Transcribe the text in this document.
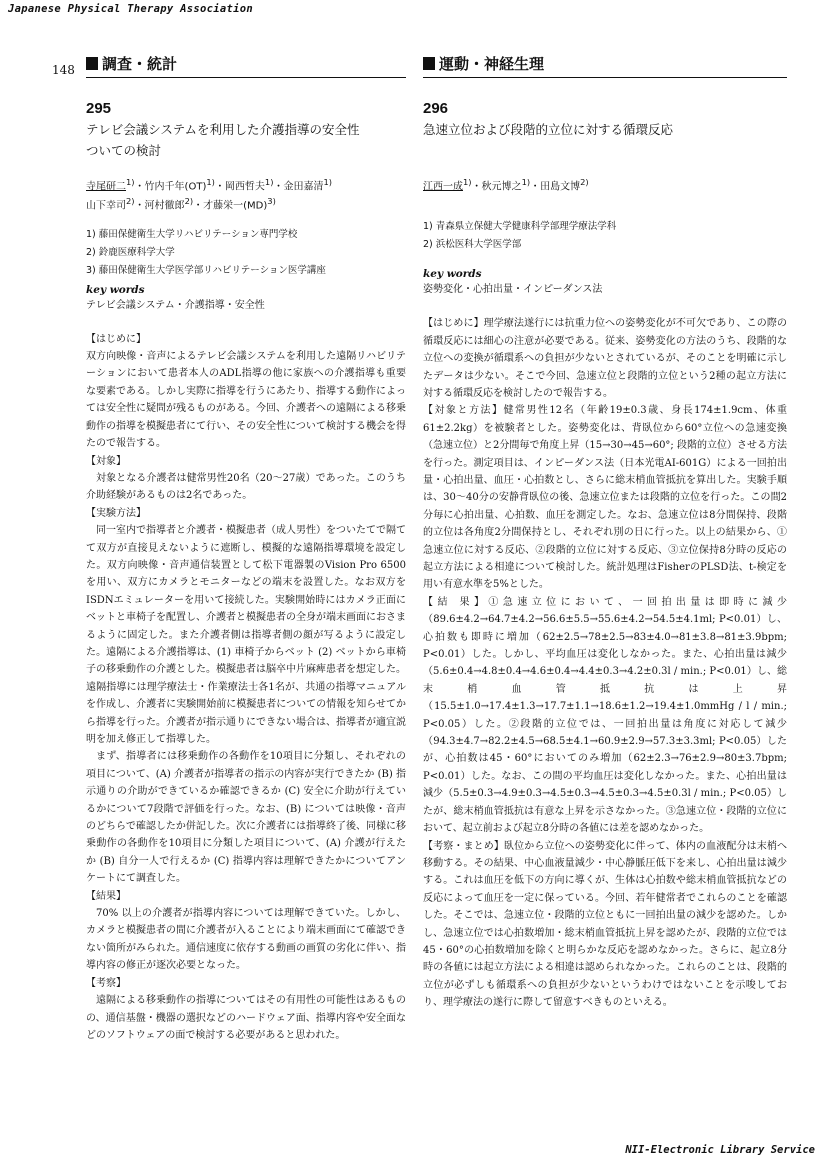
Japanese Physical Therapy Association
148 調査・統計
295
テレビ会議システムを利用した介護指導の安全性
ついての検討
寺尾研二$^{1)}$・竹内千年(OT)$^{1)}$・岡西哲夫$^{1)}$・金田嘉清$^{1)}$
山下幸司$^{2)}$・河村徹郎$^{2)}$・才藤栄一(MD)$^{3)}$
1) 藤田保健衛生大学リハビリテーション専門学校
2) 鈴鹿医療科学大学
3) 藤田保健衛生大学医学部リハビリテーション医学講座
key words
テレビ会議システム・介護指導・安全性

【はじめに】

双方向映像・音声によるテレビ会議システムを利用した遠隔リハビリテーションにおいて患者本人のADL指導の他に家族への介護指導も重要な要素である。しかし実際に指導を行うにあたり、指導する動作によっては安全性に疑問が残るものがある。今回、介護者への遠隔による移乗動作の指導を模擬患者にて行い、その安全性について検討する機会を得たので報告する。

【対象】

対象となる介護者は健常男性20名（20～27歳）であった。このうち介助経験があるものは2名であった。

【実験方法】

同一室内で指導者と介護者・模擬患者（成人男性）をついたてで隔てて双方が直接見えないように遮断し、模擬的な遠隔指導環境を設定した。双方向映像・音声通信装置として松下電器製のVision Pro 6500を用い、双方にカメラとモニターなどの端末を設置した。なお双方をISDNエミュレーターを用いて接続した。実験開始時にはカメラ正面にベットと車椅子を配置し、介護者と模擬患者の全身が端末画面におさまるように固定した。また介護者側は指導者側の顔が写るように設定した。遠隔による介護指導は、(1) 車椅子からベット (2) ベットから車椅子の移乗動作の介護とした。模擬患者は脳卒中片麻痺患者を想定した。遠隔指導には理学療法士・作業療法士各1名が、共通の指導マニュアルを作成し、介護者に実験開始前に模擬患者についての情報を知らせてから指導を行った。介護者が指示通りにできない場合は、指導者が適宜説明を加え修正して指導した。

まず、指導者には移乗動作の各動作を10項目に分類し、それぞれの項目について、(A) 介護者が指導者の指示の内容が実行できたか (B) 指示通りの介助ができているか確認できるか (C) 安全に介助が行えているかについて7段階で評価を行った。なお、(B) については映像・音声のどちらで確認したか併記した。次に介護者には指導終了後、同様に移乗動作の各動作を10項目に分類した項目について、(A) 介護が行えたか (B) 自分一人で行えるか (C) 指導内容は理解できたかについてアンケートにて調査した。

【結果】

70% 以上の介護者が指導内容については理解できていた。しかし、カメラと模擬患者の間に介護者が入ることにより端末画面にて確認できない箇所がみられた。通信速度に依存する動画の画質の劣化に伴い、指導内容の修正が逐次必要となった。

【考察】

遠隔による移乗動作の指導についてはその有用性の可能性はあるものの、通信基盤・機器の選択などのハードウェア面、指導内容や安全面などのソフトウェアの面で検討する必要があると思われた。

運動・神経生理
296
急速立位および段階的立位に対する循環反応
江西一成$^{1)}$・秋元博之$^{1)}$・田島文博$^{2)}$
1) 青森県立保健大学健康科学部理学療法学科
2) 浜松医科大学医学部
key words
姿勢変化・心拍出量・インピーダンス法

【はじめに】理学療法遂行には抗重力位への姿勢変化が不可欠であり、この際の循環反応には細心の注意が必要である。従来、姿勢変化の方法のうち、段階的な立位への変換が循環系への負担が少ないとされているが、そのことを明確に示したデータは少ない。そこで今回、急速立位と段階的立位という2種の起立方法に対する循環反応を検討したので報告する。

【対象と方法】健常男性12名（年齢19±0.3歳、身長174±1.9cm、体重61±2.2kg）を被験者とした。姿勢変化は、背臥位から60°立位への急速変換（急速立位）と2分間毎で角度上昇（15→30→45→60°; 段階的立位）させる方法を行った。測定項目は、インピーダンス法（日本光電AI-601G）による一回拍出量・心拍出量、血圧・心拍数とし、さらに総末梢血管抵抗を算出した。実験手順は、30～40分の安静背臥位の後、急速立位または段階的立位を行った。この間2分毎に心拍出量、心拍数、血圧を測定した。なお、急速立位は8分間保持、段階的立位は各角度2分間保持とし、それぞれ別の日に行った。以上の結果から、①急速立位に対する反応、②段階的立位に対する反応、③立位保持8分時の反応の起立方法による相違について検討した。統計処理はFisherのPLSD法、t-検定を用い有意水準を5%とした。

【結 果】①急速立位において、一回拍出量は即時に減少（89.6±4.2→64.7±4.2→56.6±5.5→55.6±4.2→54.5±4.1ml; P<0.01）し、心拍数も即時に増加（62±2.5→78±2.5→83±4.0→81±3.8→81±3.9bpm; P<0.01）した。しかし、平均血圧は変化しなかった。また、心拍出量は減少（5.6±0.4→4.8±0.4→4.6±0.4→4.4±0.3→4.2±0.3l / min.; P<0.01）し、総末梢血管抵抗は上昇（15.5±1.0→17.4±1.3→17.7±1.1→18.6±1.2→19.4±1.0mmHg / l / min.; P<0.05）した。②段階的立位では、一回拍出量は角度に対応して減少（94.3±4.7→82.2±4.5→68.5±4.1→60.9±2.9→57.3±3.3ml; P<0.05）したが、心拍数は45・60°においてのみ増加（62±2.3→76±2.9→80±3.7bpm; P<0.01）した。なお、この間の平均血圧は変化しなかった。また、心拍出量は減少（5.5±0.3→4.9±0.3→4.5±0.3→4.5±0.3→4.5±0.3l / min.; P<0.05）したが、総末梢血管抵抗は有意な上昇を示さなかった。③急速立位・段階的立位において、起立前および起立8分時の各値には差を認めなかった。

【考察・まとめ】臥位から立位への姿勢変化に伴って、体内の血液配分は末梢へ移動する。その結果、中心血液量減少・中心静脈圧低下を来し、心拍出量は減少する。これは血圧を低下の方向に導くが、生体は心拍数や総末梢血管抵抗などの反応によって血圧を一定に保っている。今回、若年健常者でこれらのことを確認した。そこでは、急速立位・段階的立位ともに一回拍出量の減少を認めた。しかし、急速立位では心拍数増加・総末梢血管抵抗上昇を認めたが、段階的立位では45・60°の心拍数増加を除くと明らかな反応を認めなかった。さらに、起立8分時の各値には起立方法による相違は認められなかった。これらのことは、段階的立位が必ずしも循環系への負担が少ないというわけではないことを示唆しており、理学療法の遂行に際して留意すべきものといえる。

NII-Electronic Library Service
